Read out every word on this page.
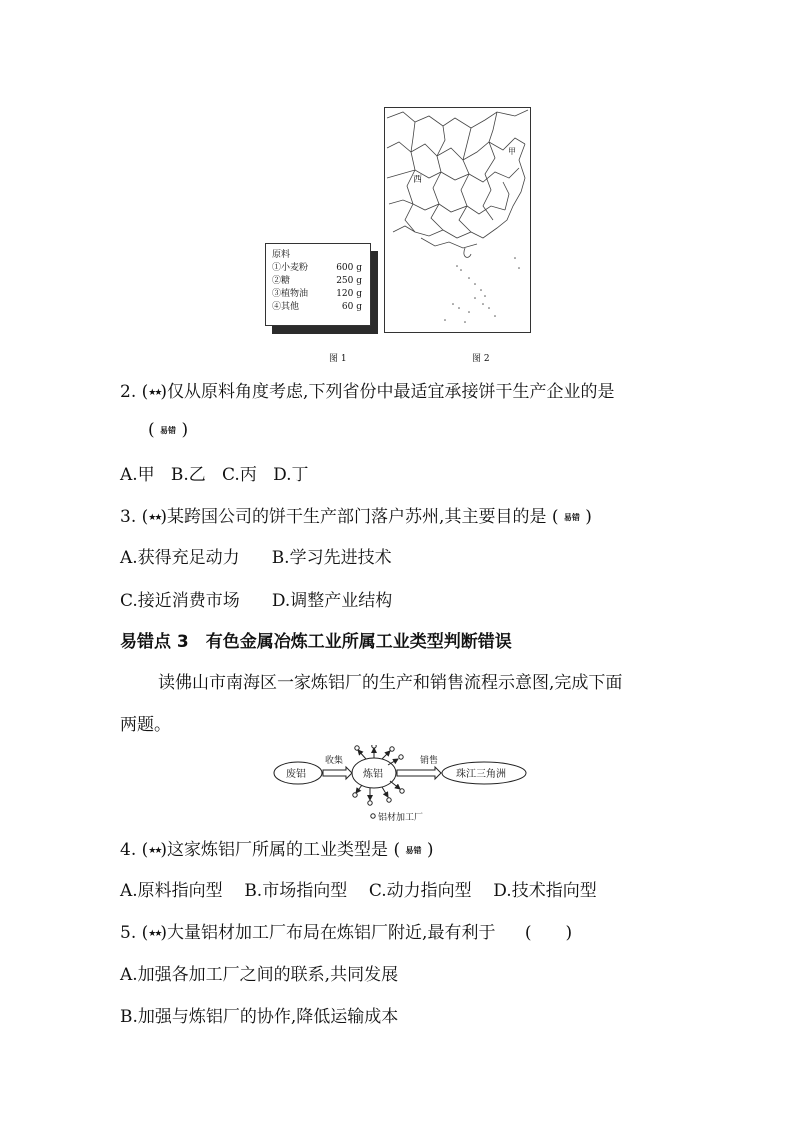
原料
①小麦粉	600 g
②糖	250 g
③植物油	120 g
④其他	60 g
西
甲
图 1	图 2
2. (★★)仅从原料角度考虑,下列省份中最适宜承接饼干生产企业的是
( 易错 )
A.甲 B.乙 C.丙 D.丁
3. (★★)某跨国公司的饼干生产部门落户苏州,其主要目的是 ( 易错 )
A.获得充足动力 B.学习先进技术
C.接近消费市场 D.调整产业结构
易错点 3　有色金属冶炼工业所属工业类型判断错误
读佛山市南海区一家炼铝厂的生产和销售流程示意图,完成下面
两题。
废铝	炼铝	珠江三角洲
收集	销售
铝材加工厂
4. (★★)这家炼铝厂所属的工业类型是 ( 易错 )
A.原料指向型 B.市场指向型 C.动力指向型 D.技术指向型
5. (★★)大量铝材加工厂布局在炼铝厂附近,最有利于 (　　)
A.加强各加工厂之间的联系,共同发展
B.加强与炼铝厂的协作,降低运输成本
